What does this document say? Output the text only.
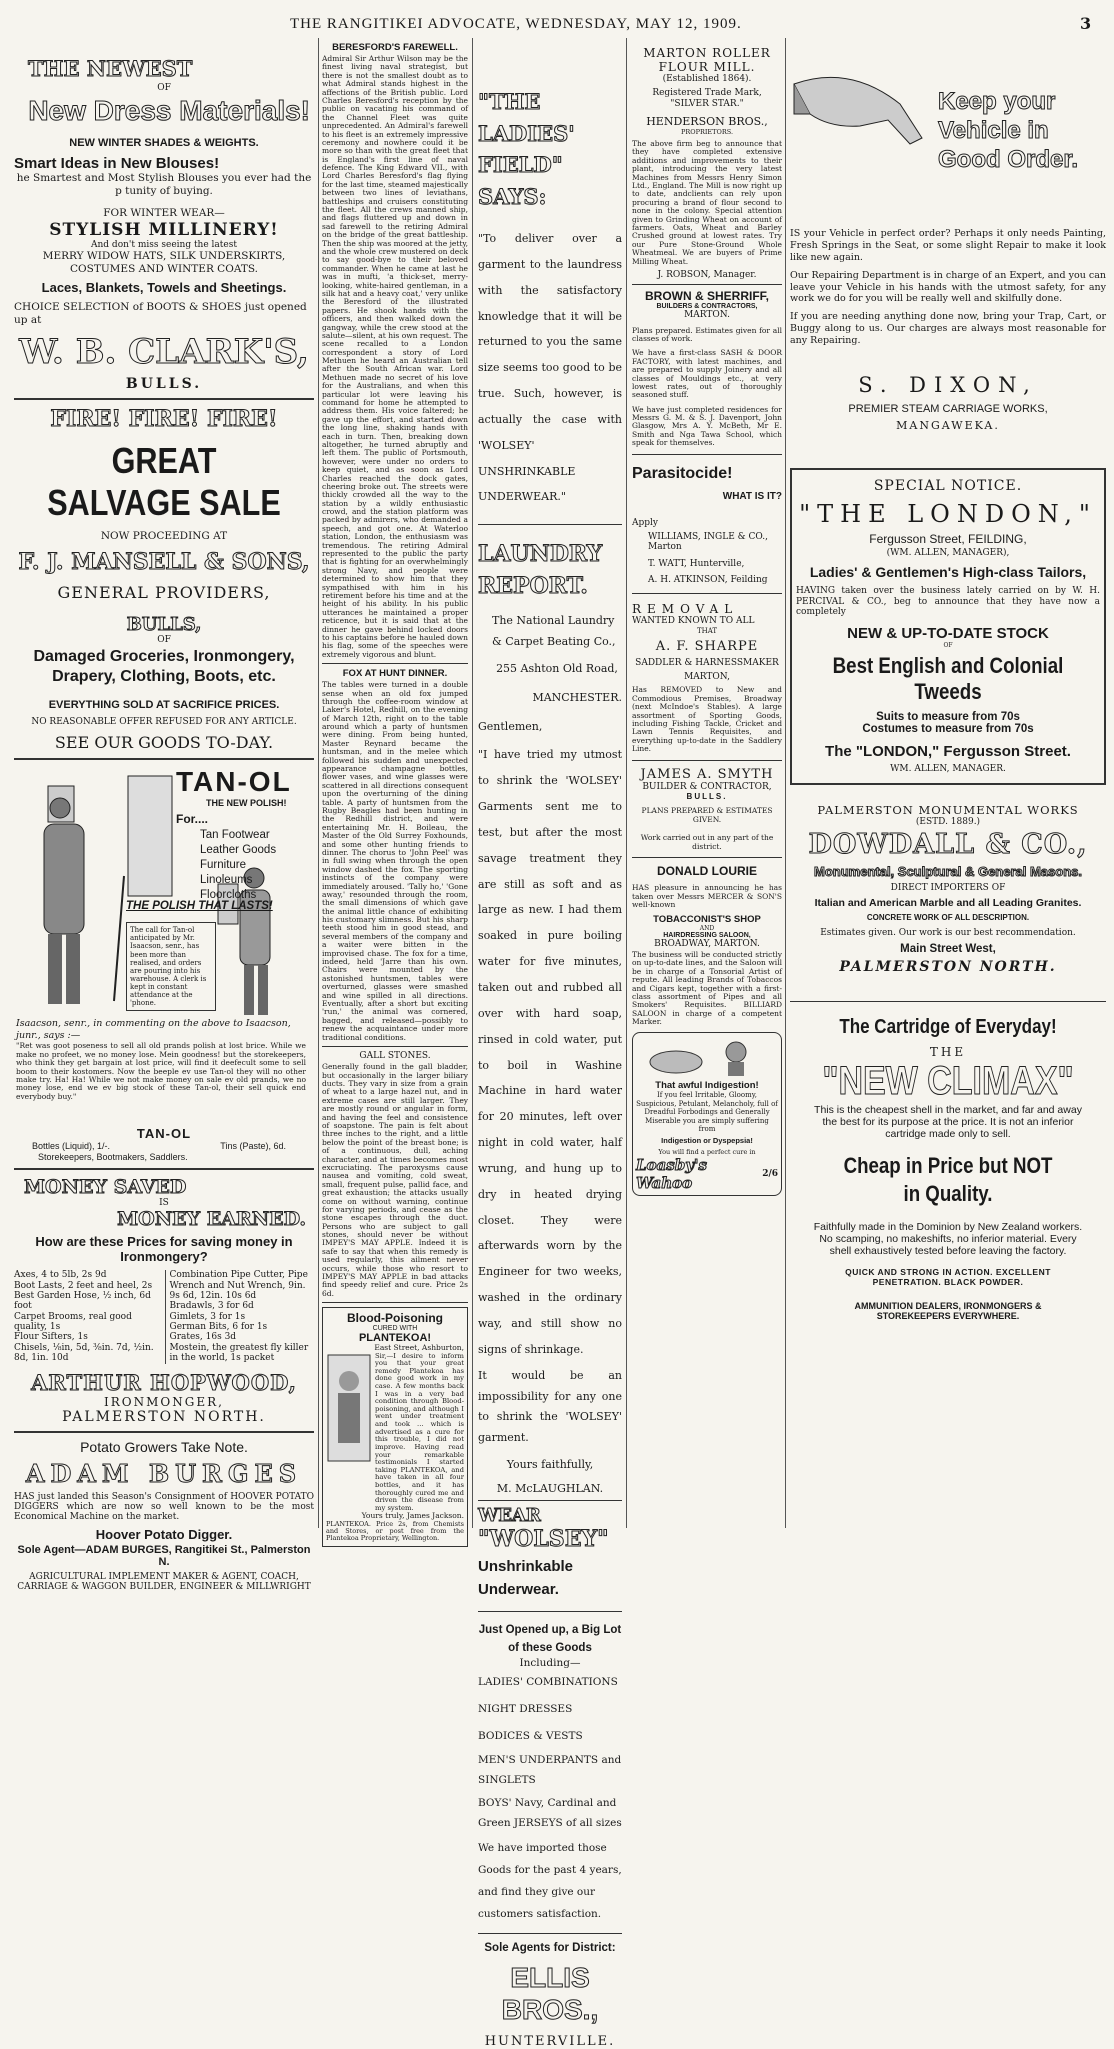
THE RANGITIKEI ADVOCATE, WEDNESDAY, MAY 12, 1909.	3
THE NEWEST
OF
New Dress Materials!
NEW WINTER SHADES & WEIGHTS.
Smart Ideas in New Blouses!
he Smartest and Most Stylish Blouses you ever had the p tunity of buying.
FOR WINTER WEAR—
STYLISH MILLINERY!
And don't miss seeing the latest
MERRY WIDOW HATS, SILK UNDERSKIRTS, COSTUMES AND WINTER COATS.
Laces, Blankets, Towels and Sheetings.
CHOICE SELECTION of BOOTS & SHOES just opened up at
W. B. CLARK'S,
BULLS.
FIRE! FIRE! FIRE!
GREAT SALVAGE SALE
NOW PROCEEDING AT
F. J. MANSELL & SONS,
GENERAL PROVIDERS,
BULLS,
OF
Damaged Groceries, Ironmongery, Drapery, Clothing, Boots, etc.
EVERYTHING SOLD AT SACRIFICE PRICES.
NO REASONABLE OFFER REFUSED FOR ANY ARTICLE.
SEE OUR GOODS TO-DAY.
TAN-OL
THE NEW POLISH!
For....
Tan Footwear
Leather Goods
Furniture
Linoleums
Floorcloths
THE POLISH THAT LASTS!
The call for Tan-ol anticipated by Mr. Isaacson, senr., has been more than realised, and orders are pouring into his warehouse. A clerk is kept in constant attendance at the 'phone.
Isaacson, senr., in commenting on the above to Isaacson, junr., says :—
"Ret was goot poseness to sell all old prands polish at lost brice. While we make no profeet, we no money lose. Mein goodness! but the storekeepers, who think they get bargain at lost price, will find it deefecult some to sell boom to their kostomers. Now the beeple ev use Tan-ol they will no other make try. Ha! Ha! While we not make money on sale ev old prands, we no money lose, end we ev big stock of these Tan-ol, their sell quick end everybody buy."
TAN-OL
Bottles (Liquid), 1/-.	Tins (Paste), 6d.
Storekeepers, Bootmakers, Saddlers.
MONEY SAVED
IS
MONEY EARNED.
How are these Prices for saving money in Ironmongery?
Axes, 4 to 5lb, 2s 9d
Boot Lasts, 2 feet and heel, 2s
Best Garden Hose, ½ inch, 6d foot
Carpet Brooms, real good quality, 1s
Flour Sifters, 1s
Chisels, ⅛in, 5d, ⅜in. 7d, ½in. 8d, 1in. 10d
Combination Pipe Cutter, Pipe Wrench and Nut Wrench, 9in. 9s 6d, 12in. 10s 6d
Bradawls, 3 for 6d
Gimlets, 3 for 1s
German Bits, 6 for 1s
Grates, 16s 3d
Mostein, the greatest fly killer in the world, 1s packet
ARTHUR HOPWOOD,
IRONMONGER,
PALMERSTON NORTH.
Potato Growers Take Note.
ADAM BURGES
HAS just landed this Season's Consignment of HOOVER POTATO DIGGERS which are now so well known to be the most Economical Machine on the market.
Hoover Potato Digger.
Sole Agent—ADAM BURGES, Rangitikei St., Palmerston N.
AGRICULTURAL IMPLEMENT MAKER & AGENT, COACH, CARRIAGE & WAGGON BUILDER, ENGINEER & MILLWRIGHT
BERESFORD'S FAREWELL.
Admiral Sir Arthur Wilson may be the finest living naval strategist, but there is not the smallest doubt as to what Admiral stands highest in the affections of the British public. Lord Charles Beresford's reception by the public on vacating his command of the Channel Fleet was quite unprecedented. An Admiral's farewell to his fleet is an extremely impressive ceremony and nowhere could it be more so than with the great fleet that is England's first line of naval defence. The King Edward VII., with Lord Charles Beresford's flag flying for the last time, steamed majestically between two lines of leviathans, battleships and cruisers constituting the fleet. All the crews manned ship, and flags fluttered up and down in sad farewell to the retiring Admiral on the bridge of the great battleship. Then the ship was moored at the jetty, and the whole crew mustered on deck to say good-bye to their beloved commander. When he came at last he was in mufti, 'a thick-set, merry-looking, white-haired gentleman, in a silk hat and a heavy coat,' very unlike the Beresford of the illustrated papers. He shook hands with the officers, and then walked down the gangway, while the crew stood at the salute—silent, at his own request. The scene recalled to a London correspondent a story of Lord Methuen he heard an Australian tell after the South African war. Lord Methuen made no secret of his love for the Australians, and when this particular lot were leaving his command for home he attempted to address them. His voice faltered; he gave up the effort, and started down the long line, shaking hands with each in turn. Then, breaking down altogether, he turned abruptly and left them. The public of Portsmouth, however, were under no orders to keep quiet, and as soon as Lord Charles reached the dock gates, cheering broke out. The streets were thickly crowded all the way to the station by a wildly enthusiastic crowd, and the station platform was packed by admirers, who demanded a speech, and got one. At Waterloo station, London, the enthusiasm was tremendous. The retiring Admiral represented to the public the party that is fighting for an overwhelmingly strong Navy, and people were determined to show him that they sympathised with him in his retirement before his time and at the height of his ability. In his public utterances he maintained a proper reticence, but it is said that at the dinner he gave behind locked doors to his captains before he hauled down his flag, some of the speeches were extremely vigorous and blunt.
FOX AT HUNT DINNER.
The tables were turned in a double sense when an old fox jumped through the coffee-room window at Laker's Hotel, Redhill, on the evening of March 12th, right on to the table around which a party of huntsmen were dining. From being hunted, Master Reynard became the huntsman, and in the melee which followed his sudden and unexpected appearance champagne bottles, flower vases, and wine glasses were scattered in all directions consequent upon the overturning of the dining table. A party of huntsmen from the Rugby Beagles had been hunting in the Redhill district, and were entertaining Mr. H. Boileau, the Master of the Old Surrey Foxhounds, and some other hunting friends to dinner. The chorus to 'John Peel' was in full swing when through the open window dashed the fox. The sporting instincts of the company were immediately aroused. 'Tally ho,' 'Gone away,' resounded through the room, the small dimensions of which gave the animal little chance of exhibiting his customary slimness. But his sharp teeth stood him in good stead, and several members of the company and a waiter were bitten in the improvised chase. The fox for a time, indeed, held 'Jarre than his own. Chairs were mounted by the astonished huntsmen, tables were overturned, glasses were smashed and wine spilled in all directions. Eventually, after a short but exciting 'run,' the animal was cornered, bagged, and released—possibly to renew the acquaintance under more traditional conditions.
GALL STONES.
Generally found in the gall bladder, but occasionally in the larger biliary ducts. They vary in size from a grain of wheat to a large hazel nut, and in extreme cases are still larger. They are mostly round or angular in form, and having the feel and consistence of soapstone. The pain is felt about three inches to the right, and a little below the point of the breast bone; is of a continuous, dull, aching character, and at times becomes most excruciating. The paroxysms cause nausea and vomiting, cold sweat, small, frequent pulse, pallid face, and great exhaustion; the attacks usually come on without warning, continue for varying periods, and cease as the stone escapes through the duct. Persons who are subject to gall stones, should never be without IMPEY'S MAY APPLE. Indeed it is safe to say that when this remedy is used regularly, this ailment never occurs, while those who resort to IMPEY'S MAY APPLE in bad attacks find speedy relief and cure. Price 2s 6d.
Blood-Poisoning
CURED WITH
PLANTEKOA!
East Street, Ashburton,
Sir,—I desire to inform you that your great remedy Plantekoa has done good work in my case. A few months back I was in a very bad condition through Blood-poisoning, and although I went under treatment and took ... which is advertised as a cure for this trouble, I did not improve. Having read your remarkable testimonials I started taking PLANTEKOA, and have taken in all four bottles, and it has thoroughly cured me and driven the disease from my system.
Yours truly, James Jackson.
PLANTEKOA. Price 2s, from Chemists and Stores, or post free from the Plantekoa Proprietary, Wellington.
"THE LADIES' FIELD" SAYS:

"To deliver over a garment to the laundress with the satisfactory knowledge that it will be returned to you the same size seems too good to be true. Such, however, is actually the case with 'WOLSEY' UNSHRINKABLE UNDERWEAR."

LAUNDRY REPORT.

The National Laundry & Carpet Beating Co.,

255 Ashton Old Road,

MANCHESTER.

Gentlemen,

"I have tried my utmost to shrink the 'WOLSEY' Garments sent me to test, but after the most savage treatment they are still as soft and as large as new. I had them soaked in pure boiling water for five minutes, taken out and rubbed all over with hard soap, rinsed in cold water, put to boil in Washine Machine in hard water for 20 minutes, left over night in cold water, half wrung, and hung up to dry in heated drying closet. They were afterwards worn by the Engineer for two weeks, washed in the ordinary way, and still show no signs of shrinkage.

It would be an impossibility for any one to shrink the 'WOLSEY' garment.

Yours faithfully,

M. McLAUGHLAN.

WEAR
"WOLSEY"
Unshrinkable Underwear.
Just Opened up, a Big Lot of these Goods
Including—

LADIES' COMBINATIONS

NIGHT DRESSES

BODICES & VESTS

MEN'S UNDERPANTS and SINGLETS

BOYS' Navy, Cardinal and Green JERSEYS of all sizes

We have imported those Goods for the past 4 years, and find they give our customers satisfaction.

Sole Agents for District:
ELLIS BROS.,
HUNTERVILLE.
MARTON ROLLER FLOUR MILL.
(Established 1864).
Registered Trade Mark, "SILVER STAR."
HENDERSON BROS.,
PROPRIETORS.
The above firm beg to announce that they have completed extensive additions and improvements to their plant, introducing the very latest Machines from Messrs Henry Simon Ltd., England. The Mill is now right up to date, andclients can rely upon procuring a brand of flour second to none in the colony. Special attention given to Grinding Wheat on account of farmers. Oats, Wheat and Barley Crushed ground at lowest rates. Try our Pure Stone-Ground Whole Wheatmeal. We are buyers of Prime Milling Wheat.
J. ROBSON, Manager.
BROWN & SHERRIFF,
BUILDERS & CONTRACTORS,
MARTON.
Plans prepared. Estimates given for all classes of work.
We have a first-class SASH & DOOR FACTORY, with latest machines, and are prepared to supply Joinery and all classes of Mouldings etc., at very lowest rates, out of thoroughly seasoned stuff.
We have just completed residences for Messrs G. M. & S. J. Davenport, John Glasgow, Mrs A. Y. McBeth, Mr E. Smith and Nga Tawa School, which speak for themselves.
Parasitocide!
WHAT IS IT?
Apply
WILLIAMS, INGLE & CO., Marton
T. WATT, Hunterville,
A. H. ATKINSON, Feilding
REMOVAL
WANTED KNOWN TO ALL
THAT
A. F. SHARPE
SADDLER & HARNESSMAKER
MARTON,
Has REMOVED to New and Commodious Premises, Broadway (next McIndoe's Stables). A large assortment of Sporting Goods, including Fishing Tackle, Cricket and Lawn Tennis Requisites, and everything up-to-date in the Saddlery Line.
JAMES A. SMYTH
BUILDER & CONTRACTOR,
BULLS.
PLANS PREPARED & ESTIMATES GIVEN.
Work carried out in any part of the district.
DONALD LOURIE
HAS pleasure in announcing he has taken over Messrs MERCER & SON'S well-known
TOBACCONIST'S SHOP
AND
HAIRDRESSING SALOON,
BROADWAY, MARTON.
The business will be conducted strictly on up-to-date lines, and the Saloon will be in charge of a Tonsorial Artist of repute. All leading Brands of Tobaccos and Cigars kept, together with a first-class assortment of Pipes and all Smokers' Requisites. BILLIARD SALOON in charge of a competent Marker.
That awful Indigestion!
If you feel Irritable, Gloomy, Suspicious, Petulant, Melancholy, full of Dreadful Forbodings and Generally Miserable you are simply suffering from
Indigestion or Dyspepsia!
You will find a perfect cure in
Loasby's Wahoo
2/6
Keep your Vehicle in Good Order.
IS your Vehicle in perfect order? Perhaps it only needs Painting, Fresh Springs in the Seat, or some slight Repair to make it look like new again.
Our Repairing Department is in charge of an Expert, and you can leave your Vehicle in his hands with the utmost safety, for any work we do for you will be really well and skilfully done.
If you are needing anything done now, bring your Trap, Cart, or Buggy along to us. Our charges are always most reasonable for any Repairing.
S. DIXON,
PREMIER STEAM CARRIAGE WORKS,
MANGAWEKA.
SPECIAL NOTICE.
"THE LONDON,"
Fergusson Street, FEILDING,
(WM. ALLEN, MANAGER),
Ladies' & Gentlemen's High-class Tailors,
HAVING taken over the business lately carried on by W. H. PERCIVAL & CO., beg to announce that they have now a completely
NEW & UP-TO-DATE STOCK
OF
Best English and Colonial Tweeds
Suits to measure from 70s
Costumes to measure from 70s
The "LONDON," Fergusson Street.
WM. ALLEN, MANAGER.
PALMERSTON MONUMENTAL WORKS
(ESTD. 1889.)
DOWDALL & CO.,
Monumental, Sculptural & General Masons.
DIRECT IMPORTERS OF
Italian and American Marble and all Leading Granites.
CONCRETE WORK OF ALL DESCRIPTION.
Estimates given. Our work is our best recommendation.
Main Street West,
PALMERSTON NORTH.
The Cartridge of Everyday!
THE
"NEW CLIMAX"
This is the cheapest shell in the market, and far and away the best for its purpose at the price. It is not an inferior cartridge made only to sell.
Cheap in Price but NOT in Quality.
Faithfully made in the Dominion by New Zealand workers. No scamping, no makeshifts, no inferior material. Every shell exhaustively tested before leaving the factory.
QUICK AND STRONG IN ACTION. EXCELLENT PENETRATION. BLACK POWDER.
AMMUNITION DEALERS, IRONMONGERS & STOREKEEPERS EVERYWHERE.
